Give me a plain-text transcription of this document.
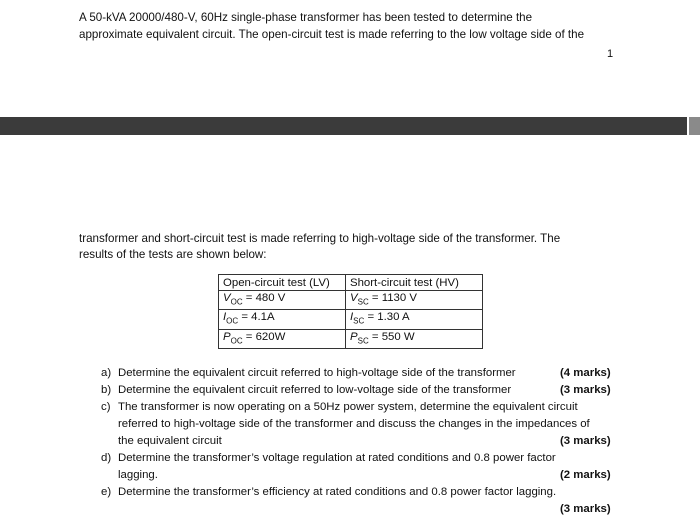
A 50-kVA 20000/480-V, 60Hz single-phase transformer has been tested to determine the
approximate equivalent circuit. The open-circuit test is made referring to the low voltage side of the
1
transformer and short-circuit test is made referring to high-voltage side of the transformer. The
results of the tests are shown below:
Open-circuit test (LV)	Short-circuit test (HV)
$V_{OC} = 480$ V	$V_{SC} = 1130$ V
$I_{OC} = 4.1A$	$I_{SC} = 1.30$ A
$P_{OC} = 620W$	$P_{SC} = 550$ W
a) Determine the equivalent circuit referred to high-voltage side of the transformer	(4 marks)
b) Determine the equivalent circuit referred to low-voltage side of the transformer	(3 marks)
c) The transformer is now operating on a 50Hz power system, determine the equivalent circuit
referred to high-voltage side of the transformer and discuss the changes in the impedances of
the equivalent circuit	(3 marks)
d) Determine the transformer’s voltage regulation at rated conditions and 0.8 power factor
lagging.	(2 marks)
e) Determine the transformer’s efficiency at rated conditions and 0.8 power factor lagging.
(3 marks)
